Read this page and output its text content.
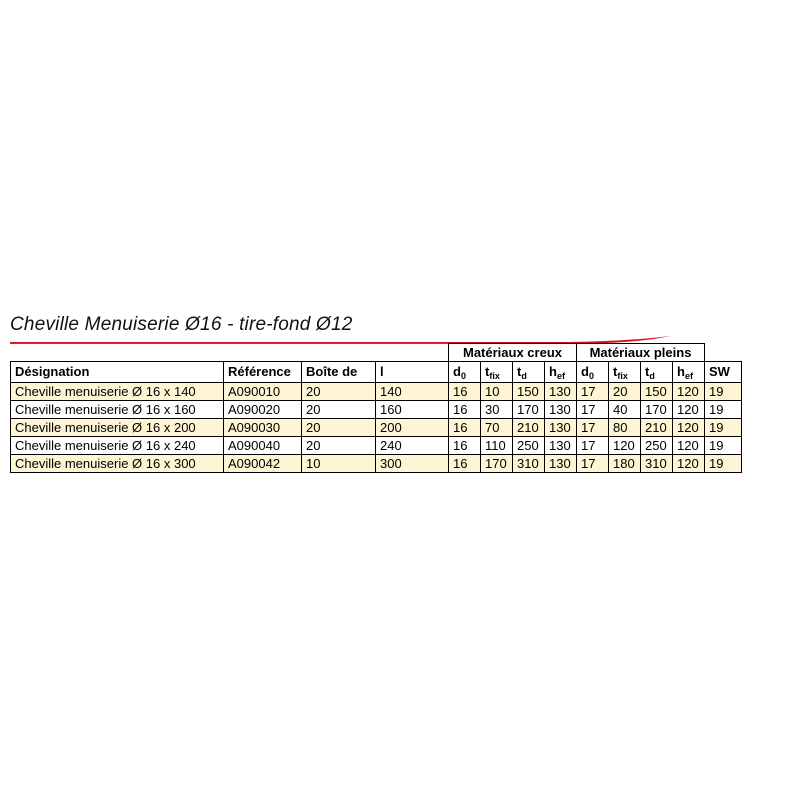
Cheville Menuiserie Ø16 - tire-fond Ø12
				Matériaux creux				Matériaux pleins				
Désignation	Référence	Boîte de	l	$d_0$	$t_{fix}$	$t_d$	$h_{ef}$	$d_0$	$t_{fix}$	$t_d$	$h_{ef}$	SW
Cheville menuiserie Ø 16 x 140	A090010	20	140	16	10	150	130	17	20	150	120	19
Cheville menuiserie Ø 16 x 160	A090020	20	160	16	30	170	130	17	40	170	120	19
Cheville menuiserie Ø 16 x 200	A090030	20	200	16	70	210	130	17	80	210	120	19
Cheville menuiserie Ø 16 x 240	A090040	20	240	16	110	250	130	17	120	250	120	19
Cheville menuiserie Ø 16 x 300	A090042	10	300	16	170	310	130	17	180	310	120	19
